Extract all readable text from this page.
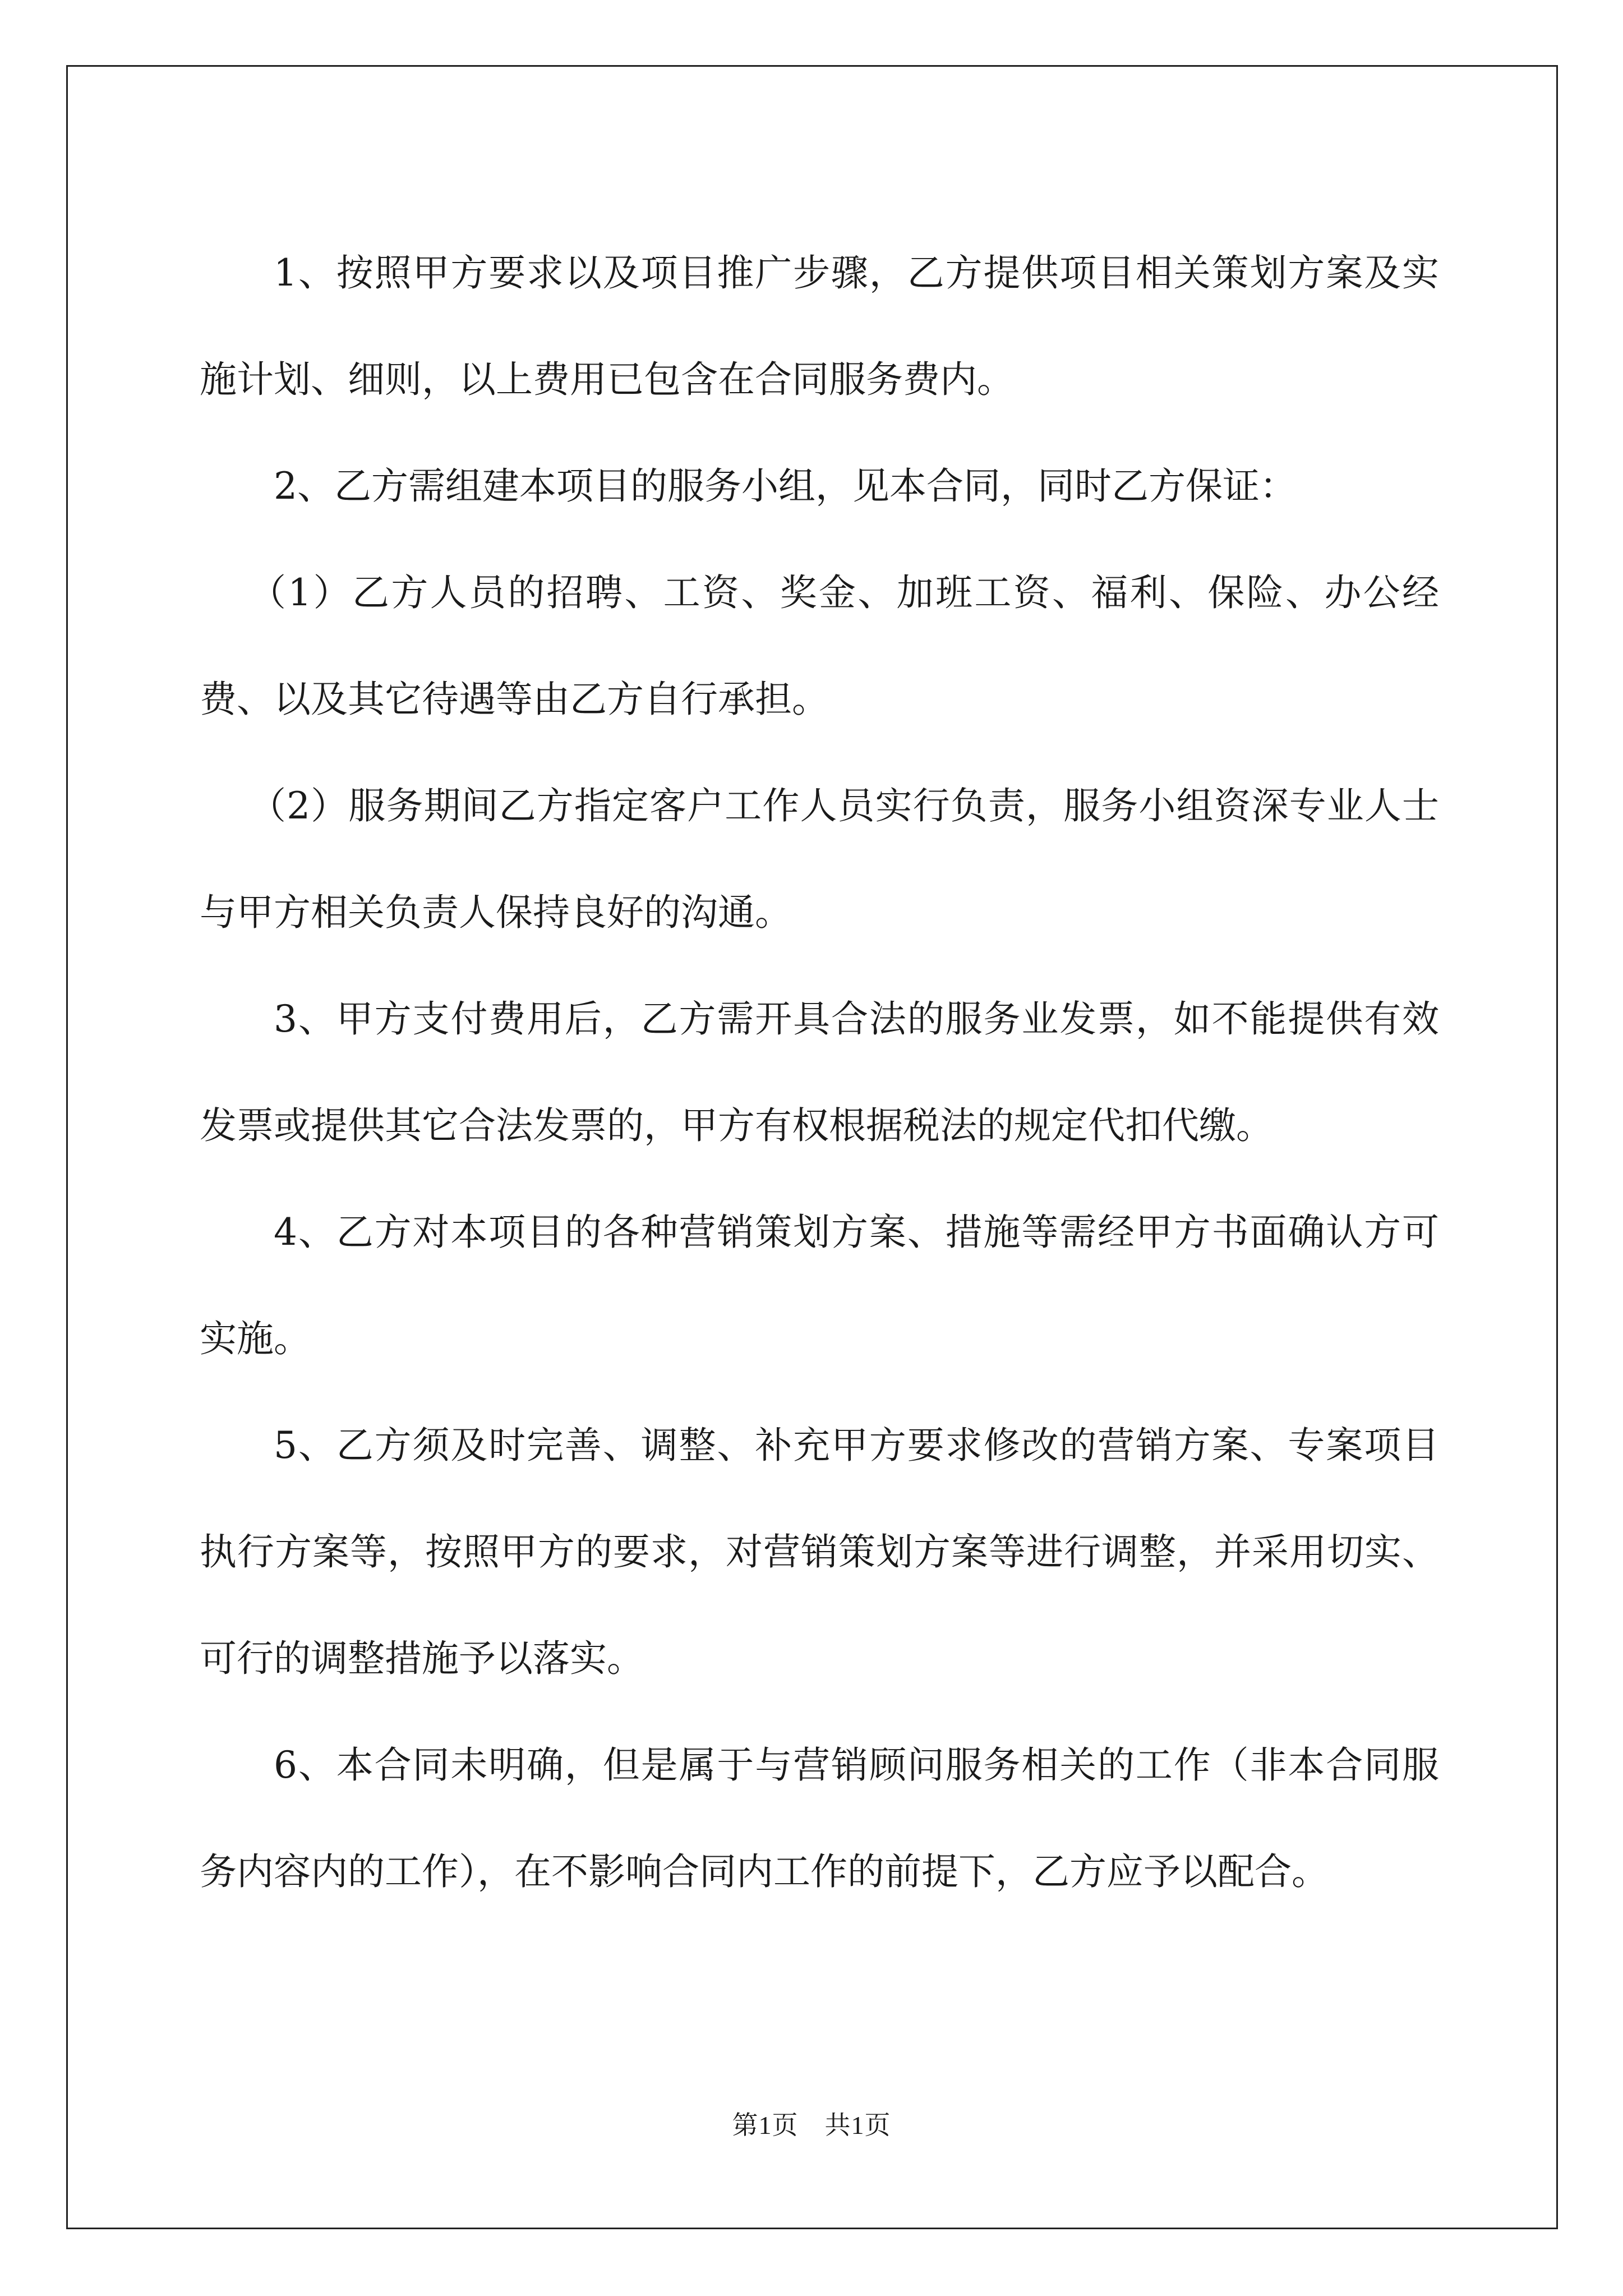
1、按照甲方要求以及项目推广步骤，乙方提供项目相关策划方案及实施计划、细则，以上费用已包含在合同服务费内。

2、乙方需组建本项目的服务小组，见本合同，同时乙方保证：

（1）乙方人员的招聘、工资、奖金、加班工资、福利、保险、办公经费、以及其它待遇等由乙方自行承担。

（2）服务期间乙方指定客户工作人员实行负责，服务小组资深专业人士与甲方相关负责人保持良好的沟通。

3、甲方支付费用后，乙方需开具合法的服务业发票，如不能提供有效发票或提供其它合法发票的，甲方有权根据税法的规定代扣代缴。

4、乙方对本项目的各种营销策划方案、措施等需经甲方书面确认方可实施。

5、乙方须及时完善、调整、补充甲方要求修改的营销方案、专案项目执行方案等，按照甲方的要求，对营销策划方案等进行调整，并采用切实、可行的调整措施予以落实。

6、本合同未明确，但是属于与营销顾问服务相关的工作（非本合同服务内容内的工作），在不影响合同内工作的前提下，乙方应予以配合。

第1页　共1页
